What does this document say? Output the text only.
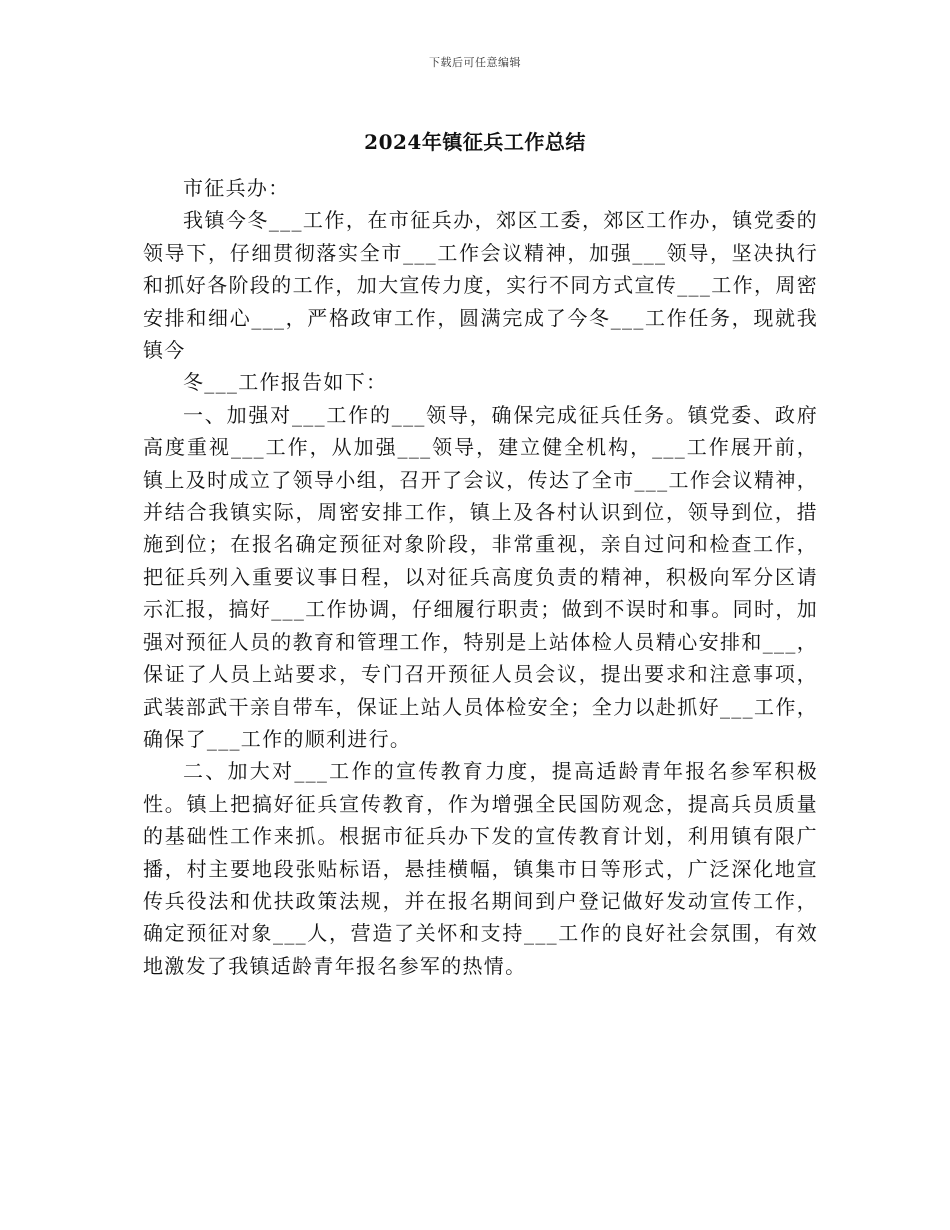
下载后可任意编辑
2024年镇征兵工作总结

市征兵办：

我镇今冬___工作，在市征兵办，郊区工委，郊区工作办，镇党委的领导下，仔细贯彻落实全市___工作会议精神，加强___领导，坚决执行和抓好各阶段的工作，加大宣传力度，实行不同方式宣传___工作，周密安排和细心___，严格政审工作，圆满完成了今冬___工作任务，现就我镇今

冬___工作报告如下：

一、加强对___工作的___领导，确保完成征兵任务。镇党委、政府高度重视___工作，从加强___领导，建立健全机构，___工作展开前，镇上及时成立了领导小组，召开了会议，传达了全市___工作会议精神，并结合我镇实际，周密安排工作，镇上及各村认识到位，领导到位，措施到位；在报名确定预征对象阶段，非常重视，亲自过问和检查工作，把征兵列入重要议事日程，以对征兵高度负责的精神，积极向军分区请示汇报，搞好___工作协调，仔细履行职责；做到不误时和事。同时，加强对预征人员的教育和管理工作，特别是上站体检人员精心安排和___，保证了人员上站要求，专门召开预征人员会议，提出要求和注意事项，武装部武干亲自带车，保证上站人员体检安全；全力以赴抓好___工作，确保了___工作的顺利进行。

二、加大对___工作的宣传教育力度，提高适龄青年报名参军积极性。镇上把搞好征兵宣传教育，作为增强全民国防观念，提高兵员质量的基础性工作来抓。根据市征兵办下发的宣传教育计划，利用镇有限广播，村主要地段张贴标语，悬挂横幅，镇集市日等形式，广泛深化地宣传兵役法和优扶政策法规，并在报名期间到户登记做好发动宣传工作，确定预征对象___人，营造了关怀和支持___工作的良好社会氛围，有效地激发了我镇适龄青年报名参军的热情。
